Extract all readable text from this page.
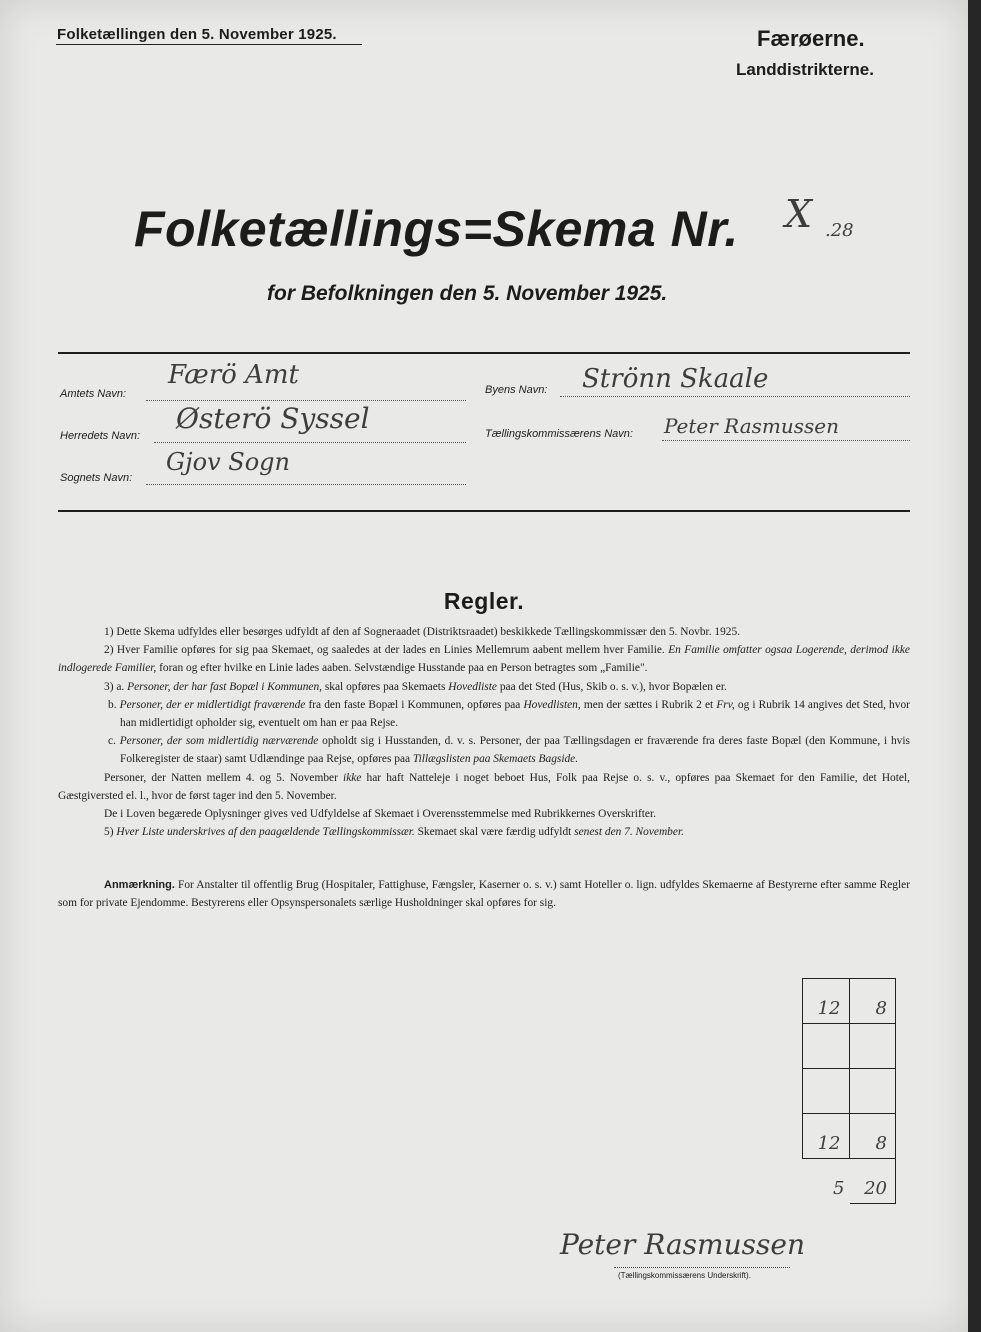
Folketællingen den 5. November 1925.	Færøerne.
Landdistrikterne.
Folketællings=Skema Nr. X .28
for Befolkningen den 5. November 1925.
Amtets Navn:
Færö Amt	Byens Navn: Strönn Skaale
Herredets Navn:
Østerö Syssel	Tællingskommissærens Navn: Peter Rasmussen
Sognets Navn:
Gjov Sogn
Regler.

1) Dette Skema udfyldes eller besørges udfyldt af den af Sogneraadet (Distriktsraadet) beskikkede Tællingskommissær den 5. Novbr. 1925.

2) Hver Familie opføres for sig paa Skemaet, og saaledes at der lades en Linies Mellemrum aabent mellem hver Familie. En Familie omfatter ogsaa Logerende, derimod ikke indlogerede Familier, foran og efter hvilke en Linie lades aaben. Selvstændige Husstande paa en Person betragtes som „Familie".

3) a. Personer, der har fast Bopæl i Kommunen, skal opføres paa Skemaets Hovedliste paa det Sted (Hus, Skib o. s. v.), hvor Bopælen er.

b. Personer, der er midlertidigt fraværende fra den faste Bopæl i Kommunen, opføres paa Hovedlisten, men der sættes i Rubrik 2 et Frv, og i Rubrik 14 angives det Sted, hvor han midlertidigt opholder sig, eventuelt om han er paa Rejse.

c. Personer, der som midlertidig nærværende opholdt sig i Husstanden, d. v. s. Personer, der paa Tællingsdagen er fraværende fra deres faste Bopæl (den Kommune, i hvis Folkeregister de staar) samt Udlændinge paa Rejse, opføres paa Tillægslisten paa Skemaets Bagside.

Personer, der Natten mellem 4. og 5. November ikke har haft Natteleje i noget beboet Hus, Folk paa Rejse o. s. v., opføres paa Skemaet for den Familie, det Hotel, Gæstgiversted el. l., hvor de først tager ind den 5. November.

De i Loven begærede Oplysninger gives ved Udfyldelse af Skemaet i Overensstemmelse med Rubrikkernes Overskrifter.

5) Hver Liste underskrives af den paagældende Tællingskommissær. Skemaet skal være færdig udfyldt senest den 7. November.

Anmærkning. For Anstalter til offentlig Brug (Hospitaler, Fattighuse, Fængsler, Kaserner o. s. v.) samt Hoteller o. lign. udfyldes Skemaerne af Bestyrerne efter samme Regler som for private Ejendomme. Bestyrerens eller Opsynspersonalets særlige Husholdninger skal opføres for sig.
12	8

12	8

5	20
Peter Rasmussen
(Tællingskommissærens Underskrift).
